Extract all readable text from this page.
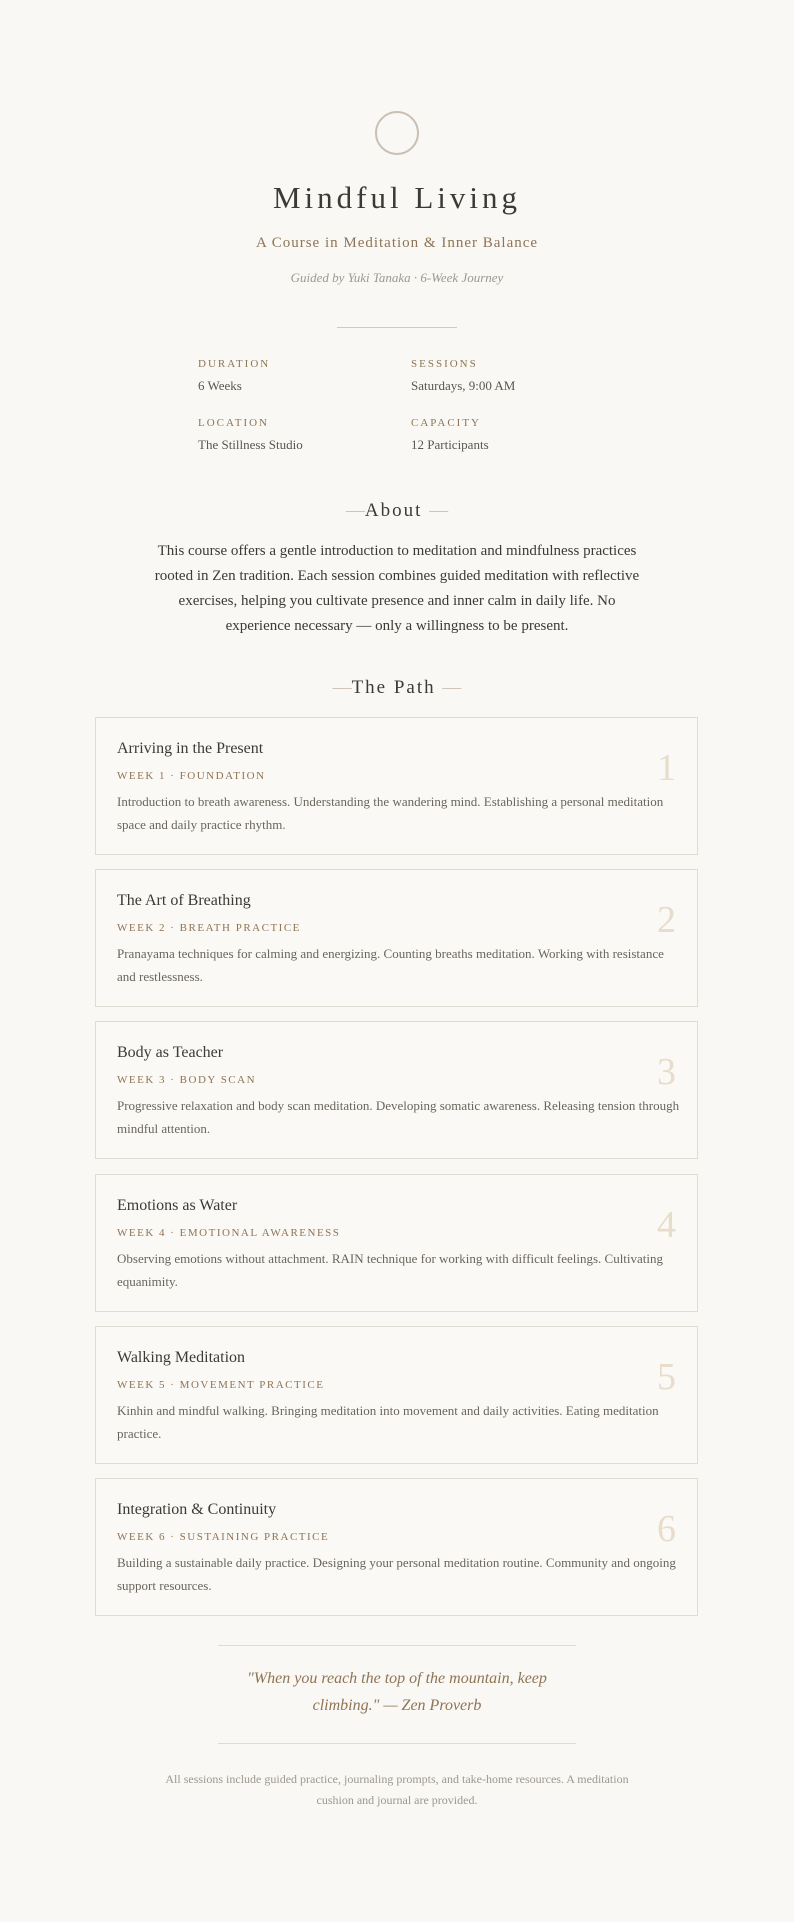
Mindful Living
A Course in Meditation & Inner Balance
Guided by Yuki Tanaka · 6-Week Journey
DURATION
6 Weeks
SESSIONS
Saturdays, 9:00 AM
LOCATION
The Stillness Studio
CAPACITY
12 Participants
—About —
This course offers a gentle introduction to meditation and mindfulness practices rooted in Zen tradition. Each session combines guided meditation with reflective exercises, helping you cultivate presence and inner calm in daily life. No experience necessary — only a willingness to be present.
—The Path —
Arriving in the Present
WEEK 1 · FOUNDATION
Introduction to breath awareness. Understanding the wandering mind. Establishing a personal meditation space and daily practice rhythm.
1
The Art of Breathing
WEEK 2 · BREATH PRACTICE
Pranayama techniques for calming and energizing. Counting breaths meditation. Working with resistance and restlessness.
2
Body as Teacher
WEEK 3 · BODY SCAN
Progressive relaxation and body scan meditation. Developing somatic awareness. Releasing tension through mindful attention.
3
Emotions as Water
WEEK 4 · EMOTIONAL AWARENESS
Observing emotions without attachment. RAIN technique for working with difficult feelings. Cultivating equanimity.
4
Walking Meditation
WEEK 5 · MOVEMENT PRACTICE
Kinhin and mindful walking. Bringing meditation into movement and daily activities. Eating meditation practice.
5
Integration & Continuity
WEEK 6 · SUSTAINING PRACTICE
Building a sustainable daily practice. Designing your personal meditation routine. Community and ongoing support resources.
6
"When you reach the top of the mountain, keep climbing." — Zen Proverb
All sessions include guided practice, journaling prompts, and take-home resources. A meditation cushion and journal are provided.
